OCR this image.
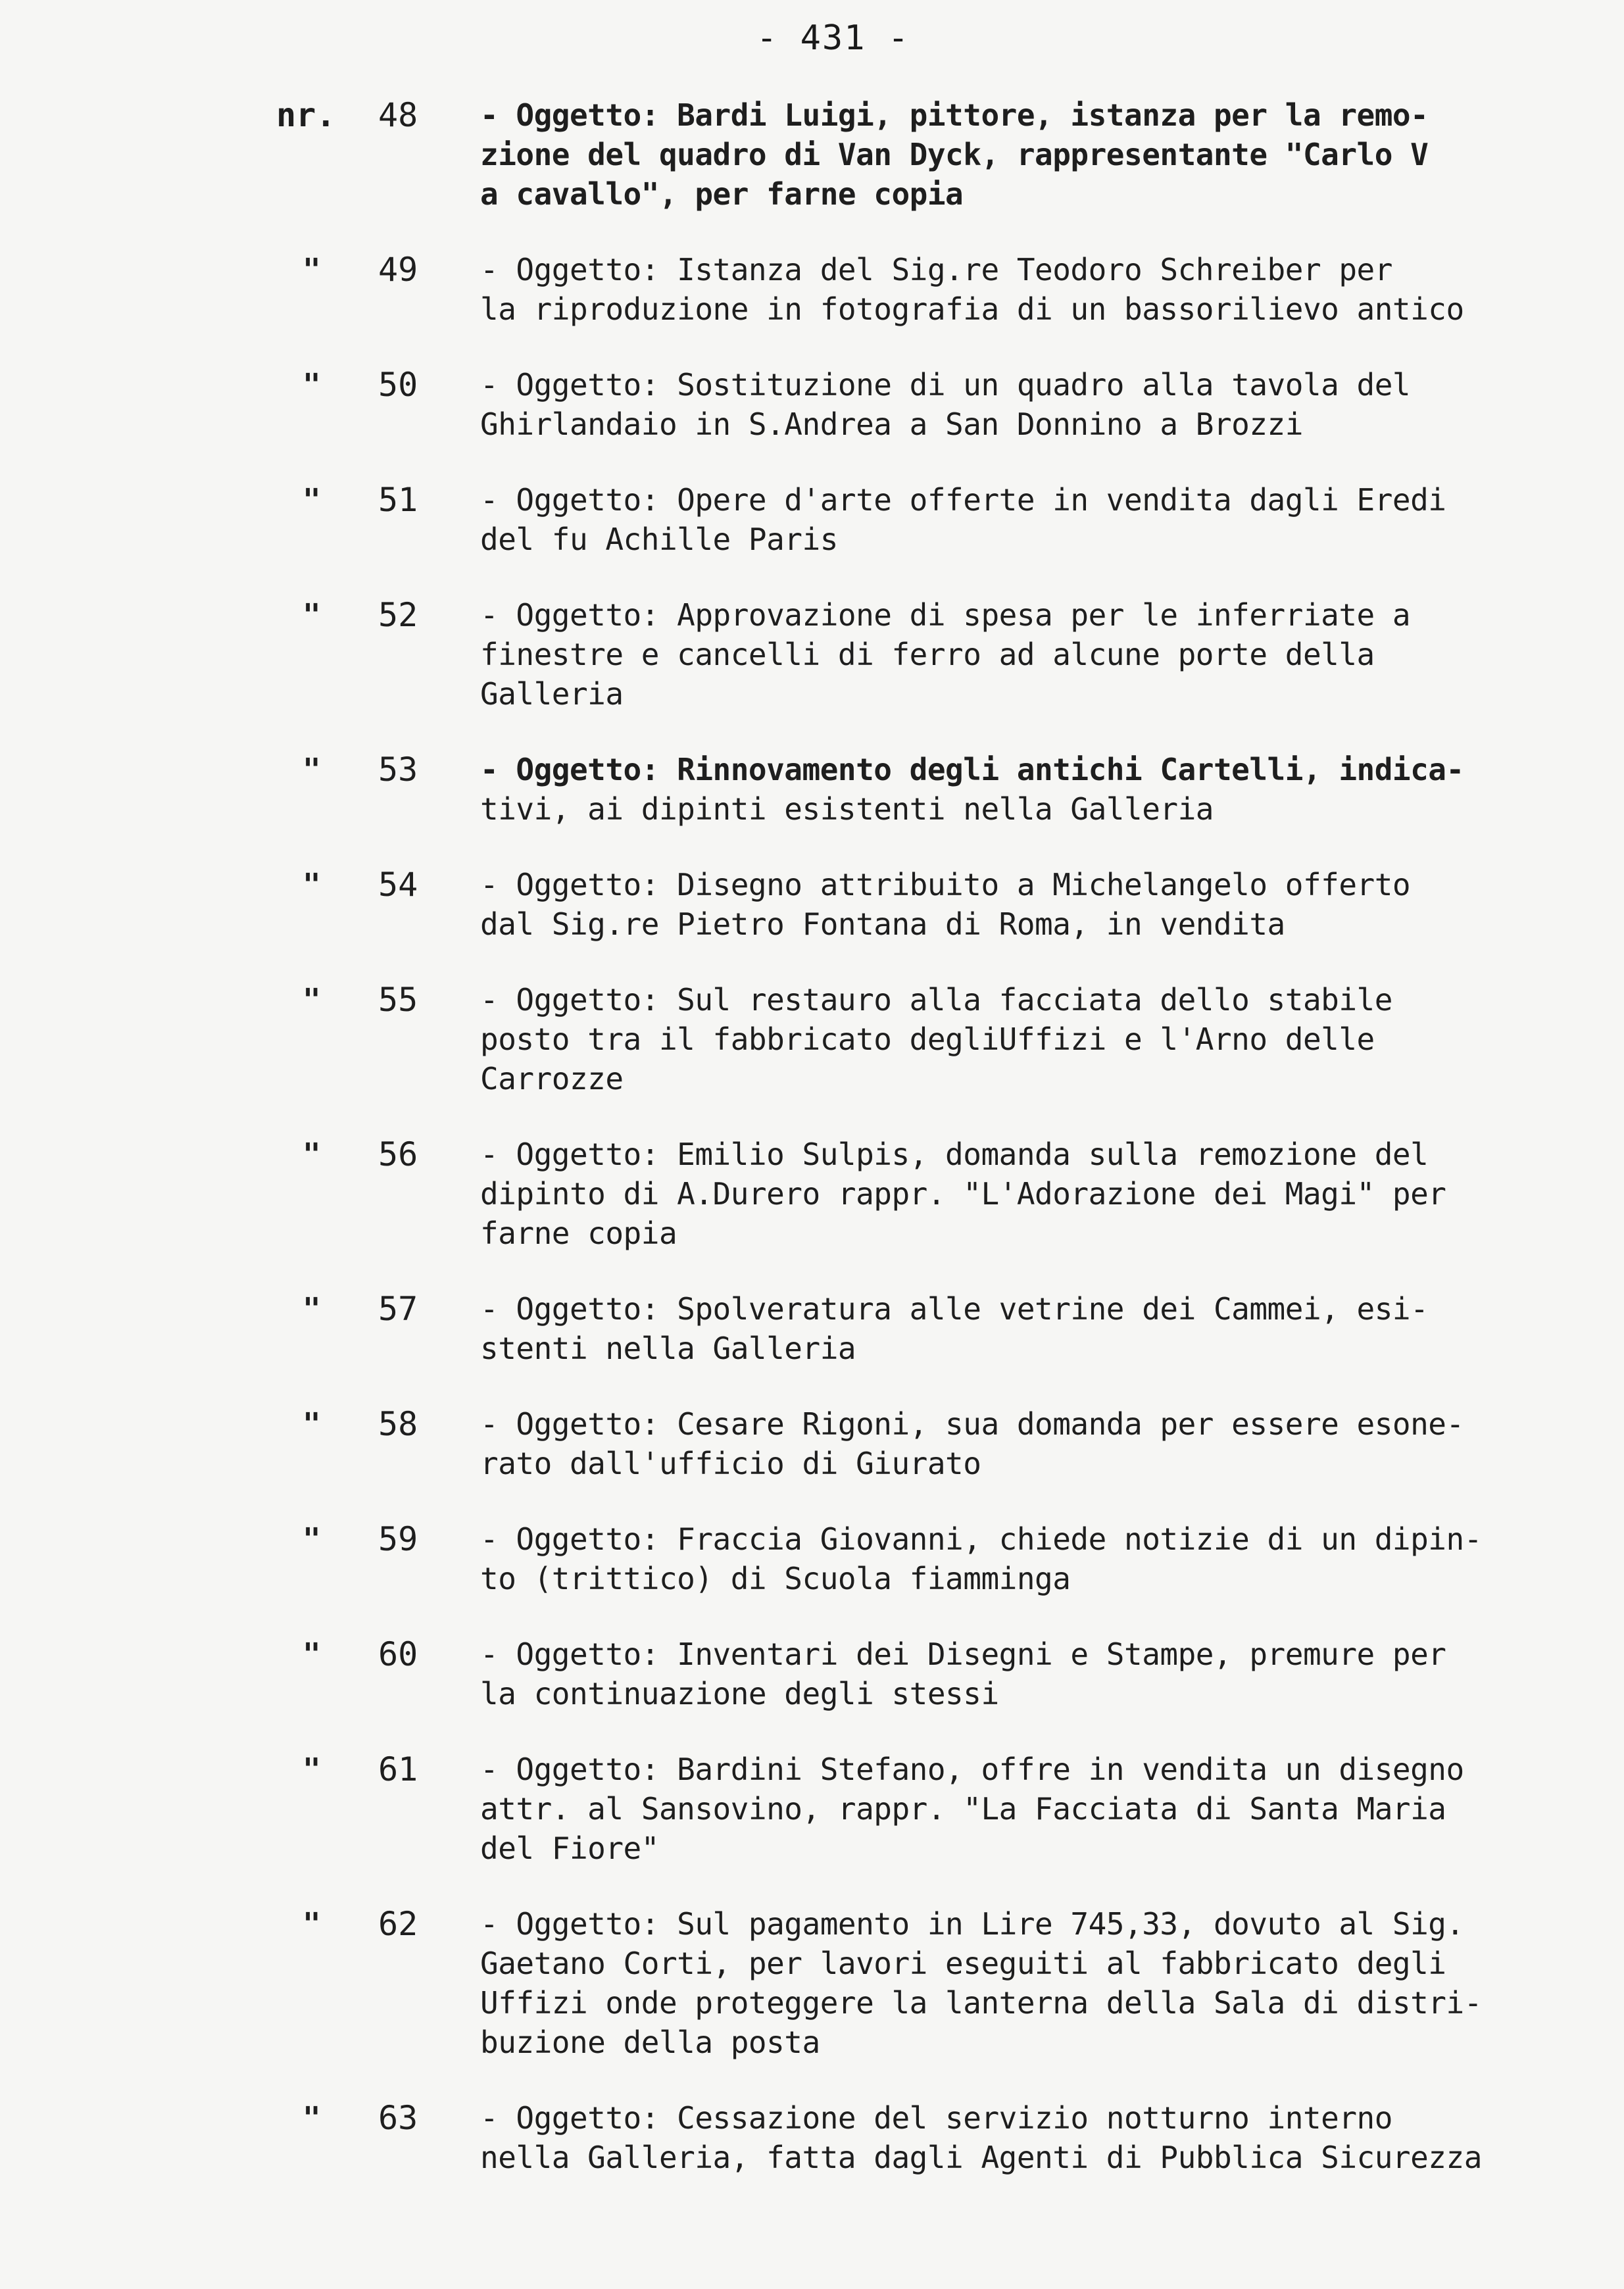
- 431 -
nr. 48 - Oggetto: Bardi Luigi, pittore, istanza per la remo-
zione del quadro di Van Dyck, rappresentante "Carlo V
a cavallo", per farne copia
" 49 - Oggetto: Istanza del Sig.re Teodoro Schreiber per
la riproduzione in fotografia di un bassorilievo antico
" 50 - Oggetto: Sostituzione di un quadro alla tavola del
Ghirlandaio in S.Andrea a San Donnino a Brozzi
" 51 - Oggetto: Opere d'arte offerte in vendita dagli Eredi
del fu Achille Paris
" 52 - Oggetto: Approvazione di spesa per le inferriate a
finestre e cancelli di ferro ad alcune porte della
Galleria
" 53 - Oggetto: Rinnovamento degli antichi Cartelli, indica-
tivi, ai dipinti esistenti nella Galleria
" 54 - Oggetto: Disegno attribuito a Michelangelo offerto
dal Sig.re Pietro Fontana di Roma, in vendita
" 55 - Oggetto: Sul restauro alla facciata dello stabile
posto tra il fabbricato degliUffizi e l'Arno delle
Carrozze
" 56 - Oggetto: Emilio Sulpis, domanda sulla remozione del
dipinto di A.Durero rappr. "L'Adorazione dei Magi" per
farne copia
" 57 - Oggetto: Spolveratura alle vetrine dei Cammei, esi-
stenti nella Galleria
" 58 - Oggetto: Cesare Rigoni, sua domanda per essere esone-
rato dall'ufficio di Giurato
" 59 - Oggetto: Fraccia Giovanni, chiede notizie di un dipin-
to (trittico) di Scuola fiamminga
" 60 - Oggetto: Inventari dei Disegni e Stampe, premure per
la continuazione degli stessi
" 61 - Oggetto: Bardini Stefano, offre in vendita un disegno
attr. al Sansovino, rappr. "La Facciata di Santa Maria
del Fiore"
" 62 - Oggetto: Sul pagamento in Lire 745,33, dovuto al Sig.
Gaetano Corti, per lavori eseguiti al fabbricato degli
Uffizi onde proteggere la lanterna della Sala di distri-
buzione della posta
" 63 - Oggetto: Cessazione del servizio notturno interno
nella Galleria, fatta dagli Agenti di Pubblica Sicurezza
